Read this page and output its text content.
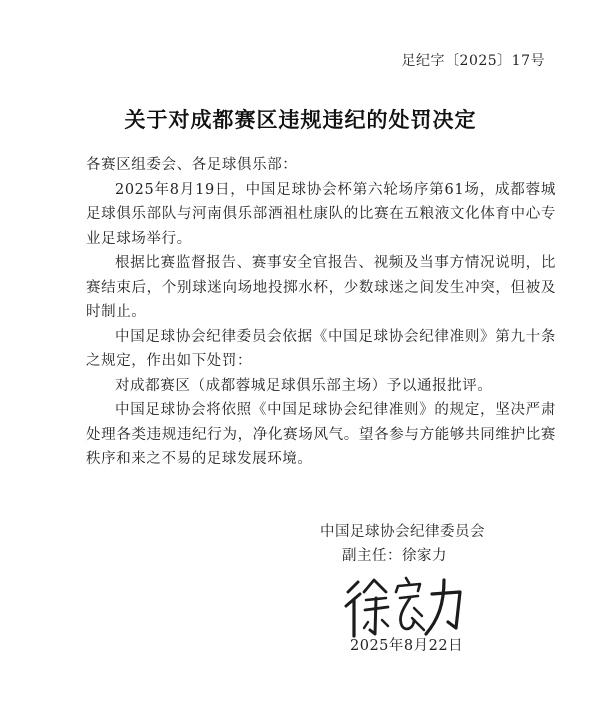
足纪字〔2025〕17号
关于对成都赛区违规违纪的处罚决定

各赛区组委会、各足球俱乐部：

2025年8月19日，中国足球协会杯第六轮场序第61场，成都蓉城足球俱乐部队与河南俱乐部酒祖杜康队的比赛在五粮液文化体育中心专业足球场举行。

根据比赛监督报告、赛事安全官报告、视频及当事方情况说明，比赛结束后，个别球迷向场地投掷水杯，少数球迷之间发生冲突，但被及时制止。

中国足球协会纪律委员会依据《中国足球协会纪律准则》第九十条之规定，作出如下处罚：

对成都赛区（成都蓉城足球俱乐部主场）予以通报批评。

中国足球协会将依照《中国足球协会纪律准则》的规定，坚决严肃处理各类违规违纪行为，净化赛场风气。望各参与方能够共同维护比赛秩序和来之不易的足球发展环境。

中国足球协会纪律委员会
副主任：徐家力
2025年8月22日
